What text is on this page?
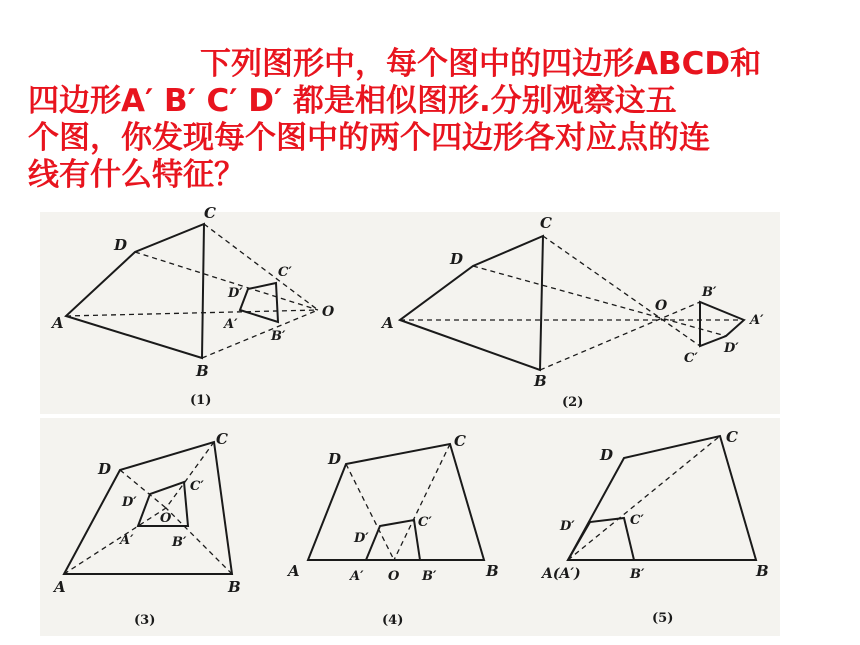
下列图形中，每个图中的四边形ABCD和
四边形A′ B′ C′ D′ 都是相似图形.分别观察这五
个图，你发现每个图中的两个四边形各对应点的连
线有什么特征？
A
B
C
D
A′
B′
C′
D′
O
(1)
A
B
C
D
A′
B′
C′
D′
O
(2)
A	B
C
D
A′	B′
C′
D′
O
(3)
A	B
C
D
A′	B′
C′
D′
O
(4)
A(A′)	B
C
D
B′
C′
D′
(5)
